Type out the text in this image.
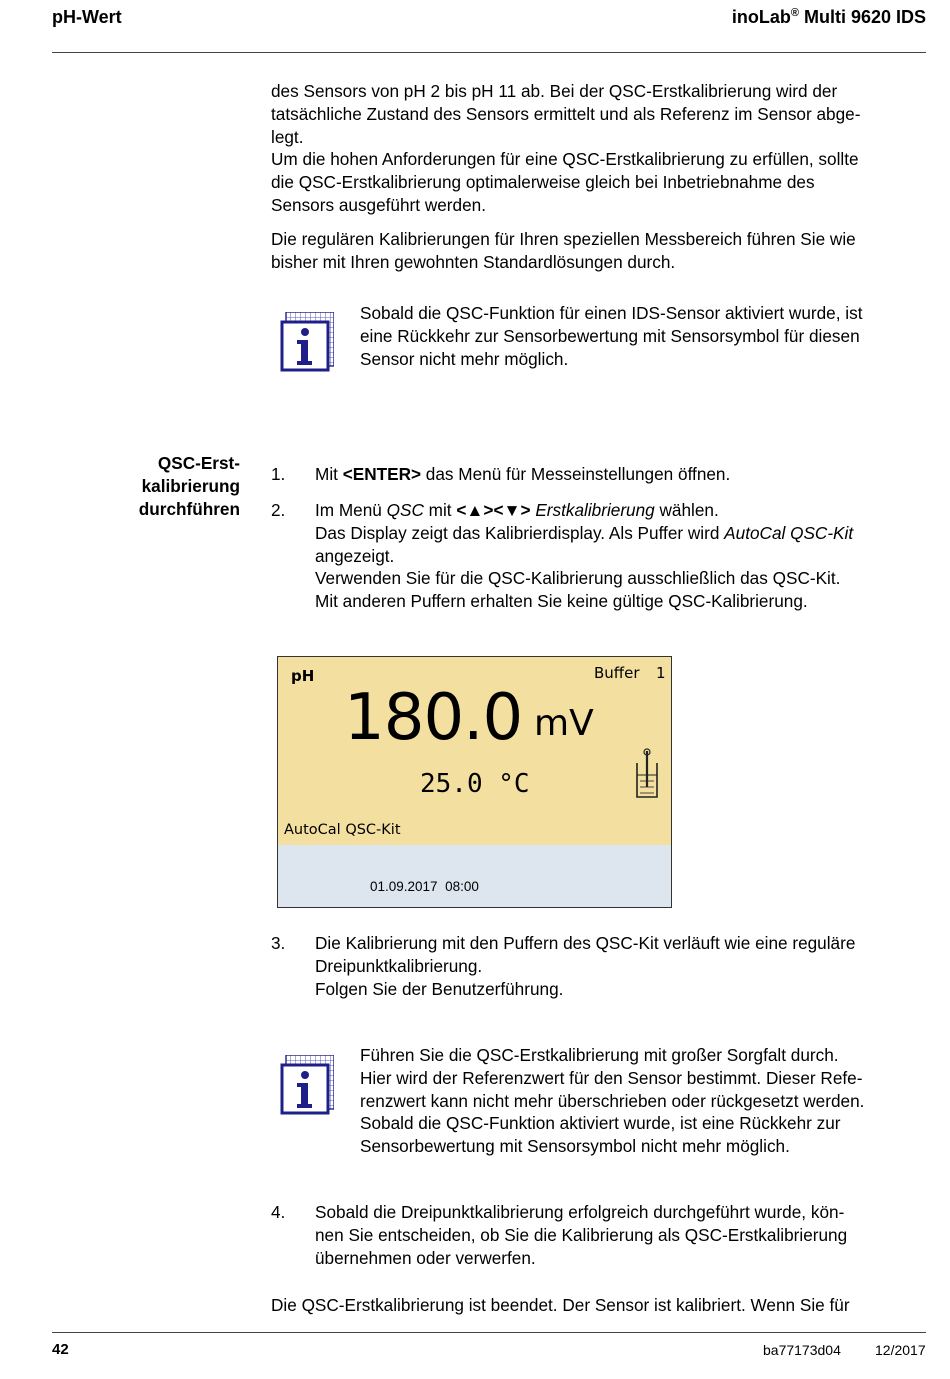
pH-Wert	inoLab® Multi 9620 IDS

des Sensors von pH 2 bis pH 11 ab. Bei der QSC-Erstkalibrierung wird der

tatsächliche Zustand des Sensors ermittelt und als Referenz im Sensor abge-

legt.

Um die hohen Anforderungen für eine QSC-Erstkalibrierung zu erfüllen, sollte

die QSC-Erstkalibrierung optimalerweise gleich bei Inbetriebnahme des

Sensors ausgeführt werden.

Die regulären Kalibrierungen für Ihren speziellen Messbereich führen Sie wie

bisher mit Ihren gewohnten Standardlösungen durch.

Sobald die QSC-Funktion für einen IDS-Sensor aktiviert wurde, ist
eine Rückkehr zur Sensorbewertung mit Sensorsymbol für diesen
Sensor nicht mehr möglich.
QSC-Erst-
kalibrierung
durchführen
1. Mit <ENTER> das Menü für Messeinstellungen öffnen.
2. Im Menü QSC mit <▲><▼> Erstkalibrierung wählen.
Das Display zeigt das Kalibrierdisplay. Als Puffer wird AutoCal QSC-Kit
angezeigt.
Verwenden Sie für die QSC-Kalibrierung ausschließlich das QSC-Kit.
Mit anderen Puffern erhalten Sie keine gültige QSC-Kalibrierung.
pH	Buffer 1
180.0 mV
25.0 °C
AutoCal QSC-Kit
01.09.2017  08:00
3. Die Kalibrierung mit den Puffern des QSC-Kit verläuft wie eine reguläre
Dreipunktkalibrierung.
Folgen Sie der Benutzerführung.
Führen Sie die QSC-Erstkalibrierung mit großer Sorgfalt durch.
Hier wird der Referenzwert für den Sensor bestimmt. Dieser Refe-
renzwert kann nicht mehr überschrieben oder rückgesetzt werden.
Sobald die QSC-Funktion aktiviert wurde, ist eine Rückkehr zur
Sensorbewertung mit Sensorsymbol nicht mehr möglich.
4. Sobald die Dreipunktkalibrierung erfolgreich durchgeführt wurde, kön-
nen Sie entscheiden, ob Sie die Kalibrierung als QSC-Erstkalibrierung
übernehmen oder verwerfen.
Die QSC-Erstkalibrierung ist beendet. Der Sensor ist kalibriert. Wenn Sie für
42	ba77173d04 12/2017
